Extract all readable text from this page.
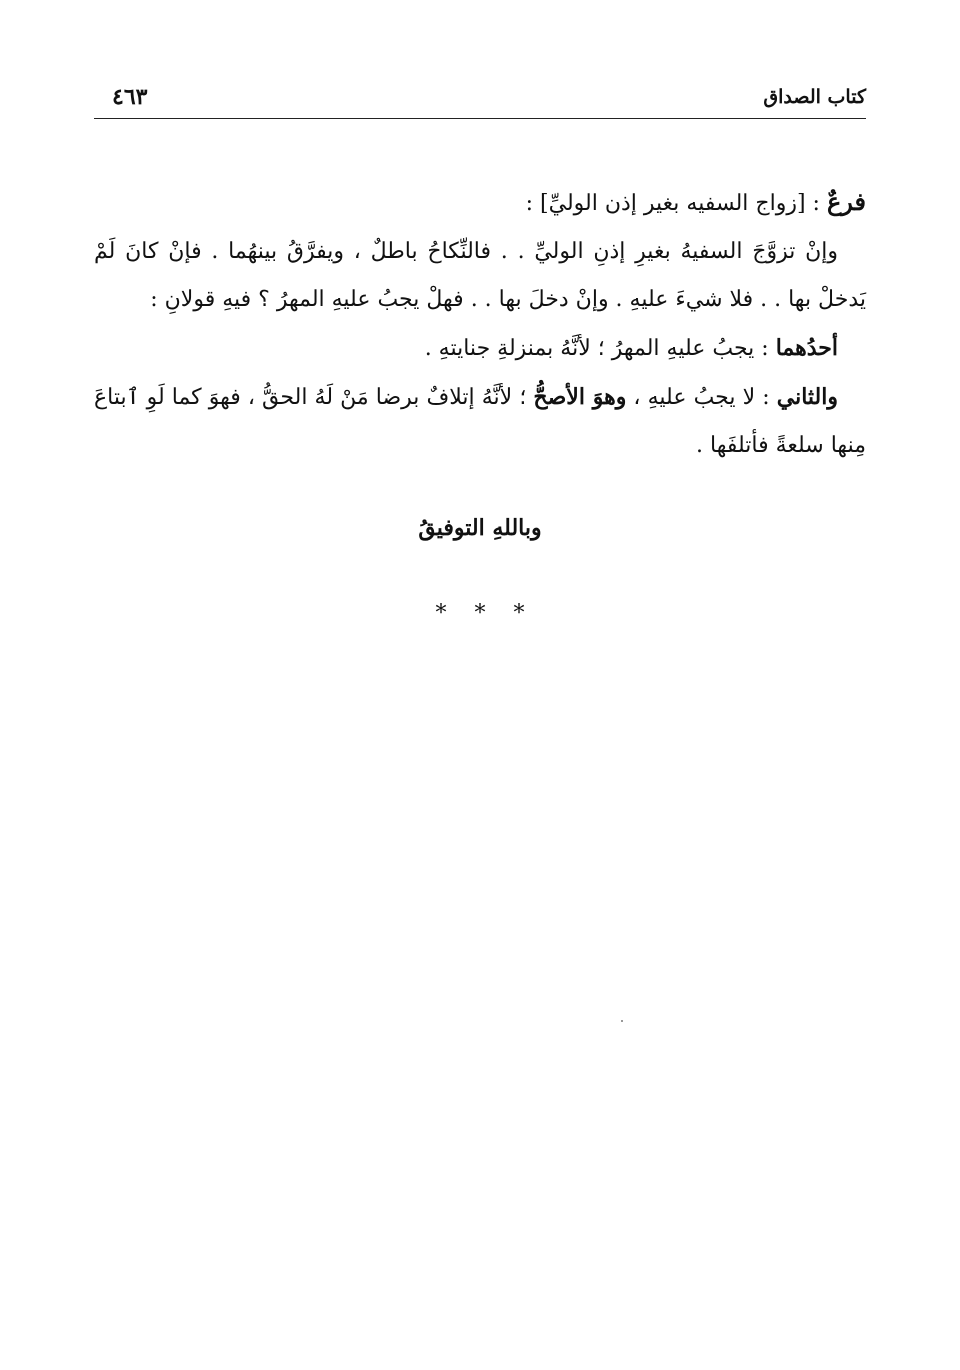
كتاب الصداق
٤٦٣

فرعٌ : [زواج السفيه بغير إذن الوليِّ] :

وإنْ تزوَّجَ السفيهُ بغيرِ إذنِ الوليِّ . . فالنِّكاحُ باطلٌ ، ويفرَّقُ بينهُما . فإنْ كانَ لَمْ يَدخلْ بها . . فلا شيءَ عليهِ . وإنْ دخلَ بها . . فهلْ يجبُ عليهِ المهرُ ؟ فيهِ قولانِ :

أحدُهما : يجبُ عليهِ المهرُ ؛ لأنَّهُ بمنزلةِ جنايتهِ .

والثاني : لا يجبُ عليهِ ، وهوَ الأصحُّ ؛ لأنَّهُ إتلافٌ برضا مَنْ لَهُ الحقُّ ، فهوَ كما لَوِ ٱبتاعَ مِنها سلعةً فأتلفَها .

وباللهِ التوفيقُ
***
